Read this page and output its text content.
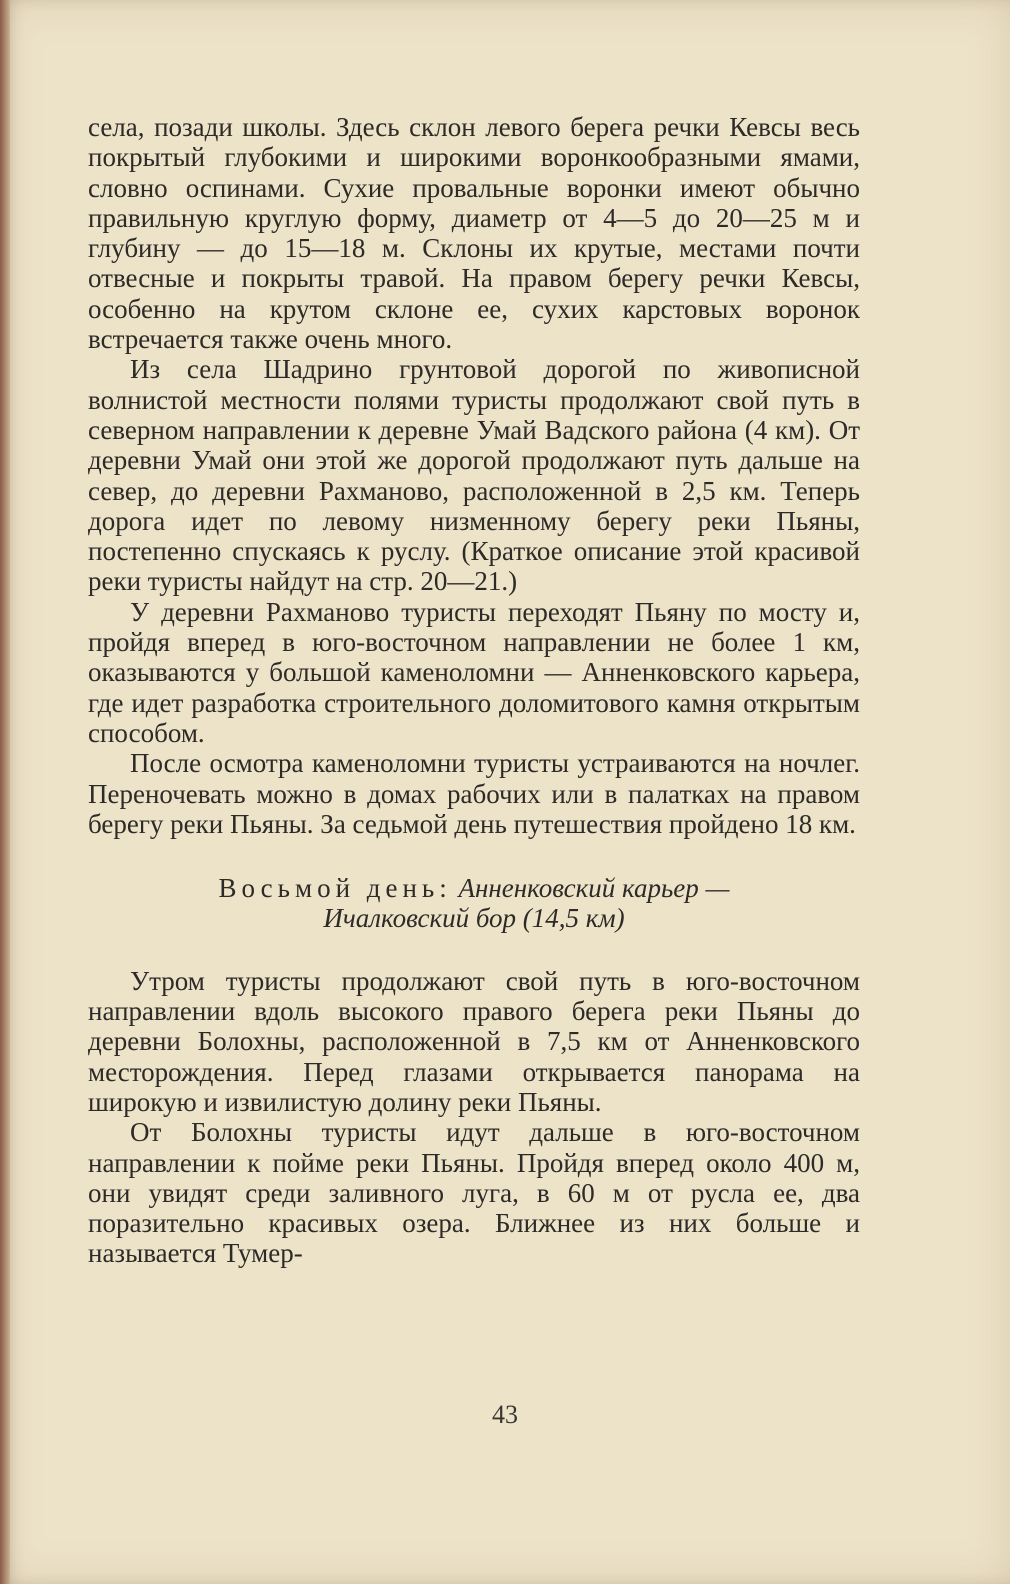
села, позади школы. Здесь склон левого берега речки Кевсы весь покрытый глубокими и широкими воронкообразными ямами, словно оспинами. Сухие провальные воронки имеют обычно правильную круглую форму, диаметр от 4—5 до 20—25 м и глубину — до 15—18 м. Склоны их крутые, местами почти отвесные и покрыты травой. На правом берегу речки Кевсы, особенно на крутом склоне ее, сухих карстовых воронок встречается также очень много.

Из села Шадрино грунтовой дорогой по живописной волнистой местности полями туристы продолжают свой путь в северном направлении к деревне Умай Вадского района (4 км). От деревни Умай они этой же дорогой продолжают путь дальше на север, до деревни Рахманово, расположенной в 2,5 км. Теперь дорога идет по левому низменному берегу реки Пьяны, постепенно спускаясь к руслу. (Краткое описание этой красивой реки туристы найдут на стр. 20—21.)

У деревни Рахманово туристы переходят Пьяну по мосту и, пройдя вперед в юго-восточном направлении не более 1 км, оказываются у большой каменоломни — Анненковского карьера, где идет разработка строительного доломитового камня открытым способом.

После осмотра каменоломни туристы устраиваются на ночлег. Переночевать можно в домах рабочих или в палатках на правом берегу реки Пьяны. За седьмой день путешествия пройдено 18 км.

Восьмой день: Анненковский карьер —
Ичалковский бор (14,5 км)

Утром туристы продолжают свой путь в юго-восточном направлении вдоль высокого правого берега реки Пьяны до деревни Болохны, расположенной в 7,5 км от Анненковского месторождения. Перед глазами открывается панорама на широкую и извилистую долину реки Пьяны.

От Болохны туристы идут дальше в юго-восточном направлении к пойме реки Пьяны. Пройдя вперед около 400 м, они увидят среди заливного луга, в 60 м от русла ее, два поразительно красивых озера. Ближнее из них больше и называется Тумер-

43
